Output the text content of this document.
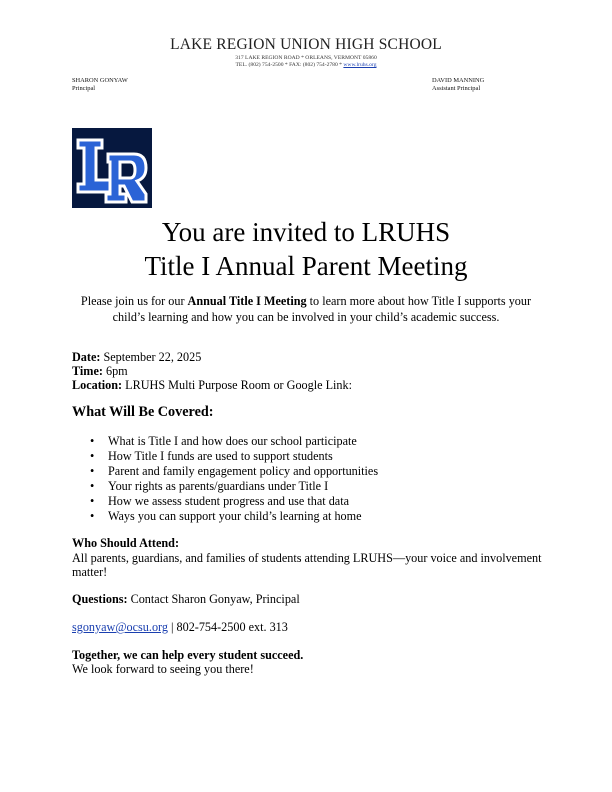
LAKE REGION UNION HIGH SCHOOL
317 LAKE REGION ROAD * ORLEANS, VERMONT 05860
TEL. (802) 754-2500 * FAX: (802) 754-2780 * www.lruhs.org
SHARON GONYAW
Principal
DAVID MANNING
Assistant Principal
You are invited to LRUHS
Title I Annual Parent Meeting
Please join us for our Annual Title I Meeting to learn more about how Title I supports your child’s learning and how you can be involved in your child’s academic success.
Date: September 22, 2025
Time: 6pm
Location: LRUHS Multi Purpose Room or Google Link:
What Will Be Covered:
• What is Title I and how does our school participate
• How Title I funds are used to support students
• Parent and family engagement policy and opportunities
• Your rights as parents/guardians under Title I
• How we assess student progress and use that data
• Ways you can support your child’s learning at home
Who Should Attend:
All parents, guardians, and families of students attending LRUHS—your voice and involvement matter!
Questions: Contact Sharon Gonyaw, Principal
sgonyaw@ocsu.org | 802-754-2500 ext. 313
Together, we can help every student succeed.
We look forward to seeing you there!
